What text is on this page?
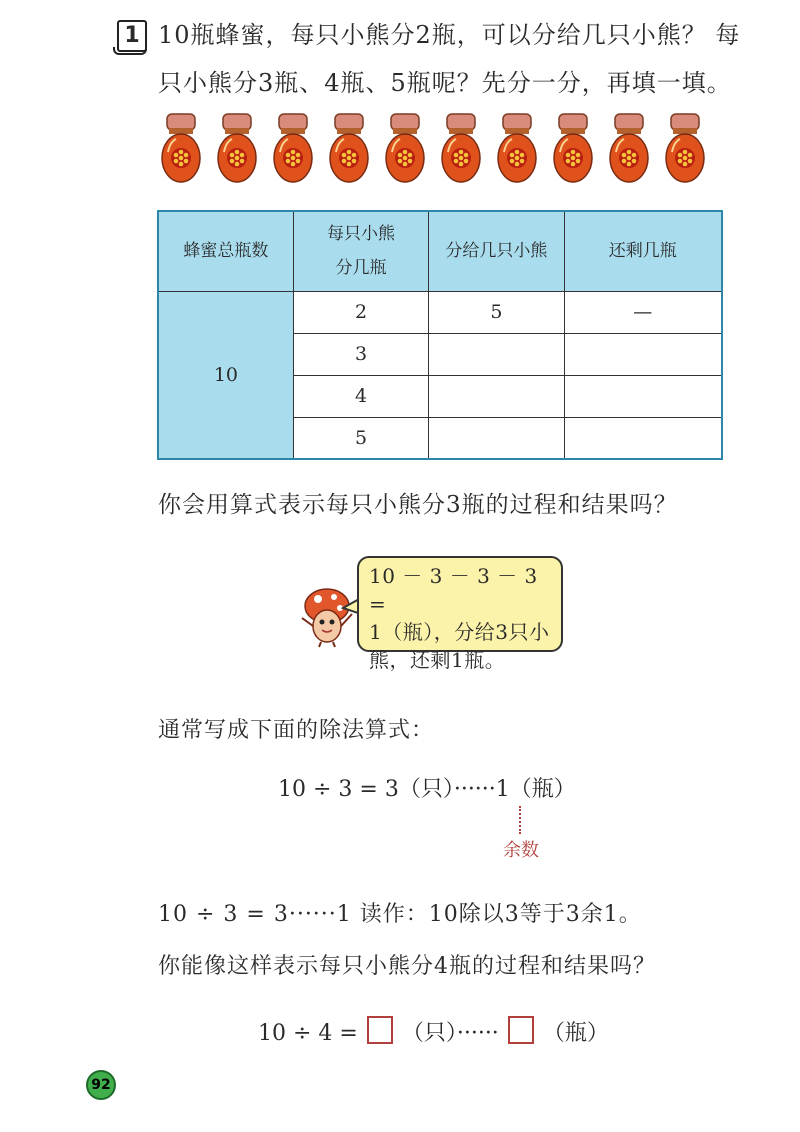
1 10瓶蜂蜜，每只小熊分2瓶，可以分给几只小熊？ 每
只小熊分3瓶、4瓶、5瓶呢？先分一分，再填一填。
蜂蜜总瓶数	每只小熊分几瓶	分给几只小熊	还剩几瓶
10	2	5	—
	3		
	4		
	5		
你会用算式表示每只小熊分3瓶的过程和结果吗？
10 － 3 － 3 － 3 =
1（瓶），分给3只小
熊，还剩1瓶。
通常写成下面的除法算式：
10 ÷ 3 = 3（只）······1（瓶）
余数
10 ÷ 3 = 3······1 读作：10除以3等于3余1。
你能像这样表示每只小熊分4瓶的过程和结果吗？
10 ÷ 4 = （只）······ （瓶）
92
